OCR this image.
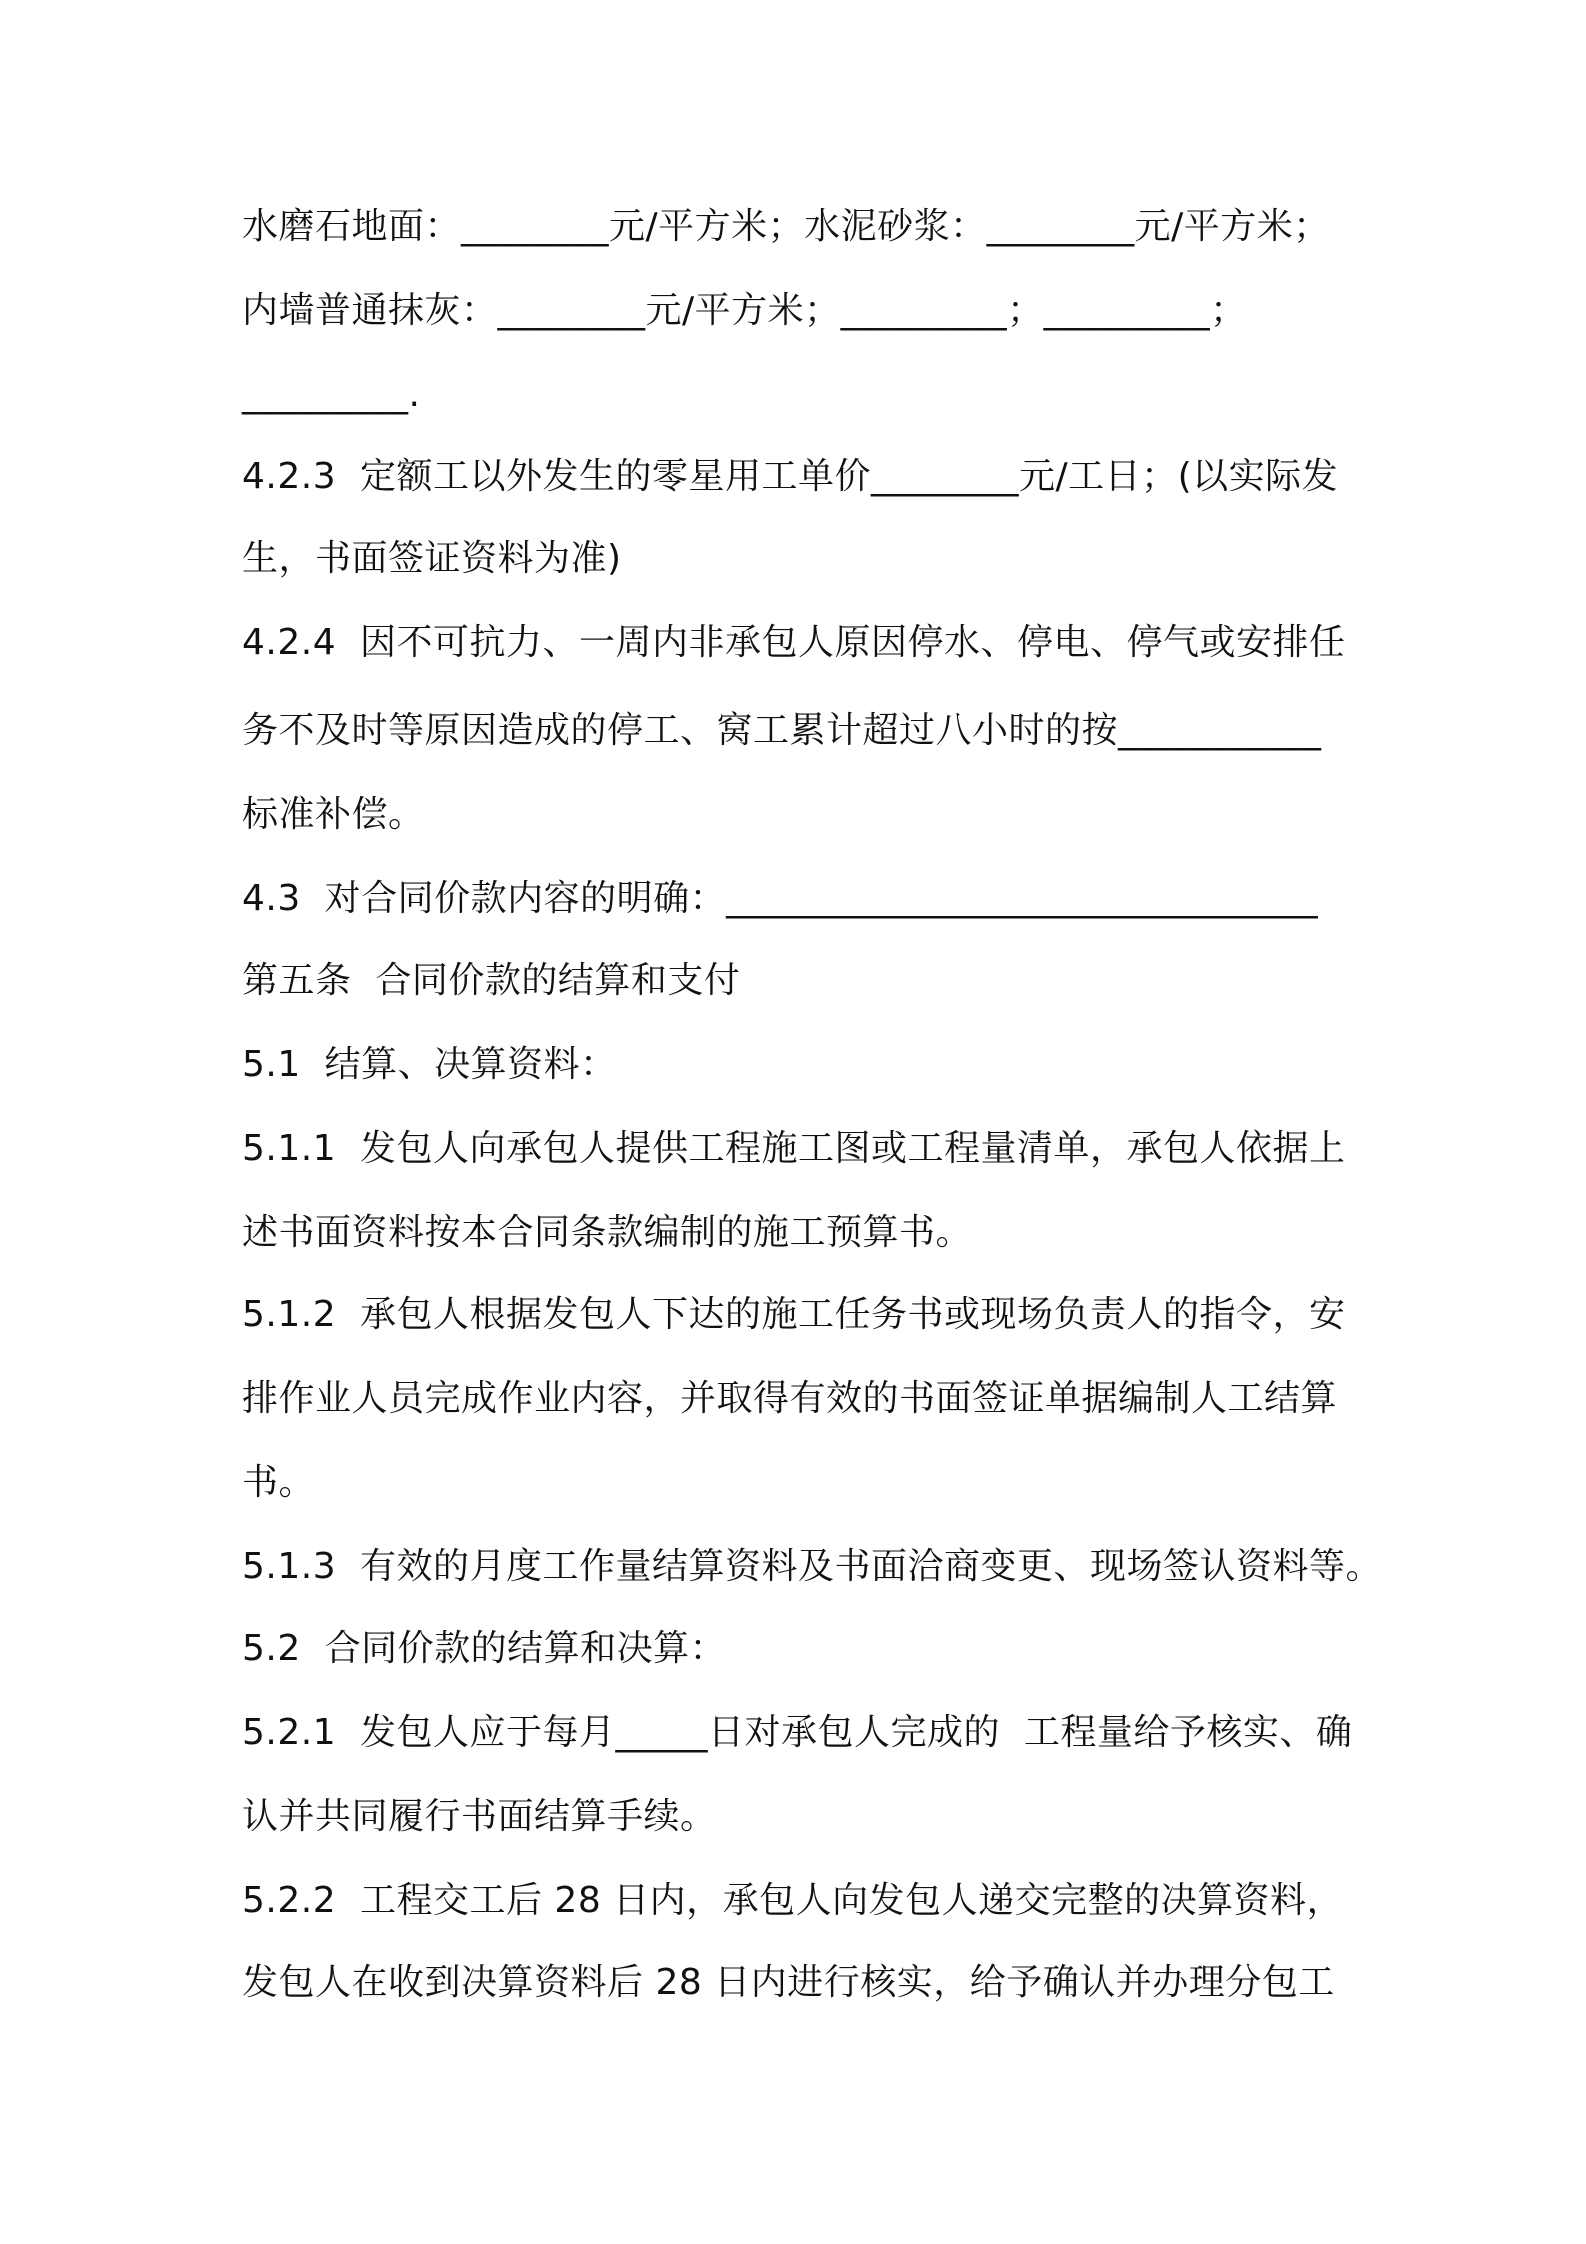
水磨石地面：________元/平方米；水泥砂浆：________元/平方米；
内墙普通抹灰：________元/平方米；_________；_________；
_________.
4.2.3  定额工以外发生的零星用工单价________元/工日；(以实际发
生，书面签证资料为准)
4.2.4  因不可抗力、一周内非承包人原因停水、停电、停气或安排任
务不及时等原因造成的停工、窝工累计超过八小时的按___________
标准补偿。
4.3  对合同价款内容的明确：________________________________
第五条  合同价款的结算和支付
5.1  结算、决算资料：
5.1.1  发包人向承包人提供工程施工图或工程量清单，承包人依据上
述书面资料按本合同条款编制的施工预算书。
5.1.2  承包人根据发包人下达的施工任务书或现场负责人的指令，安
排作业人员完成作业内容，并取得有效的书面签证单据编制人工结算
书。
5.1.3  有效的月度工作量结算资料及书面洽商变更、现场签认资料等。
5.2  合同价款的结算和决算：
5.2.1  发包人应于每月_____日对承包人完成的  工程量给予核实、确
认并共同履行书面结算手续。
5.2.2  工程交工后 28 日内，承包人向发包人递交完整的决算资料，
发包人在收到决算资料后 28 日内进行核实，给予确认并办理分包工
